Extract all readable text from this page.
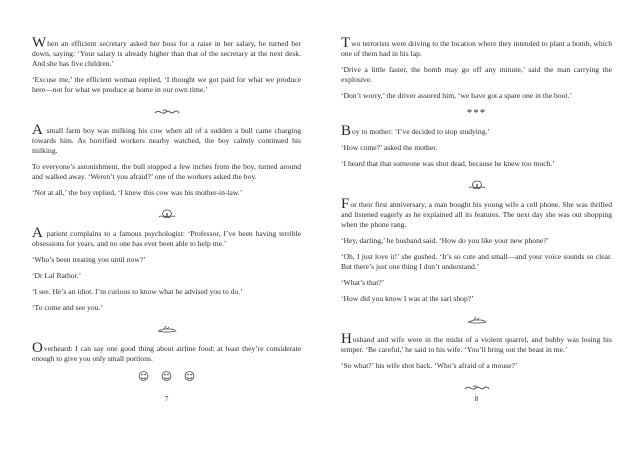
When an efficient secretary asked her boss for a raise in her salary, he turned her down, saying: ‘Your salary is already higher than that of the secretary at the next desk. And she has five children.’

‘Excuse me,’ the efficient woman replied, ‘I thought we got paid for what we produce here—not for what we produce at home in our own time.’

A small farm boy was milking his cow when all of a sudden a bull came charging towards him. As horrified workers nearby watched, the boy calmly continued his milking.

To everyone’s astonishment, the bull stopped a few inches from the boy, turned around and walked away. ‘Weren’t you afraid?’ one of the workers asked the boy.

‘Not at all,’ the boy replied, ‘I knew this cow was his mother-in-law.’

A patient complains to a famous psychologist: ‘Professor, I’ve been having terrible obsessions for years, and no one has ever been able to help me.’

‘Who’s been treating you until now?’

‘Dr Lal Rathor.’

‘I see. He’s an idiot. I’m curious to know what he advised you to do.’

‘To come and see you.’

Overheard: I can say one good thing about airline food: at least they’re considerate enough to give you only small portions.

☺ ☺ ☺
7

Two terrorists were driving to the location where they intended to plant a bomb, which one of them had in his lap.

‘Drive a little faster, the bomb may go off any minute,’ said the man carrying the explosive.

‘Don’t worry,’ the driver assured him, ‘we have got a spare one in the boot.’

***

Boy to mother: ‘I’ve decided to stop studying.’

‘How come?’ asked the mother.

‘I heard that that someone was shot dead, because he knew too much.’

For their first anniversary, a man bought his young wife a cell phone. She was thrilled and listened eagerly as he explained all its features. The next day she was out shopping when the phone rang.

‘Hey, darling,’ he husband said. ‘How do you like your new phone?’

‘Oh, I just love it!’ she gushed. ‘It’s so cute and small—and your voice sounds so clear. But there’s just one thing I don’t understand.’

‘What’s that?’

‘How did you know I was at the sari shop?’

Husband and wife were in the midst of a violent quarrel, and hubby was losing his temper. ‘Be careful,’ he said to his wife. ‘You’ll bring out the beast in me.’

‘So what?’ his wife shot back. ‘Who’s afraid of a mouse?’

8
